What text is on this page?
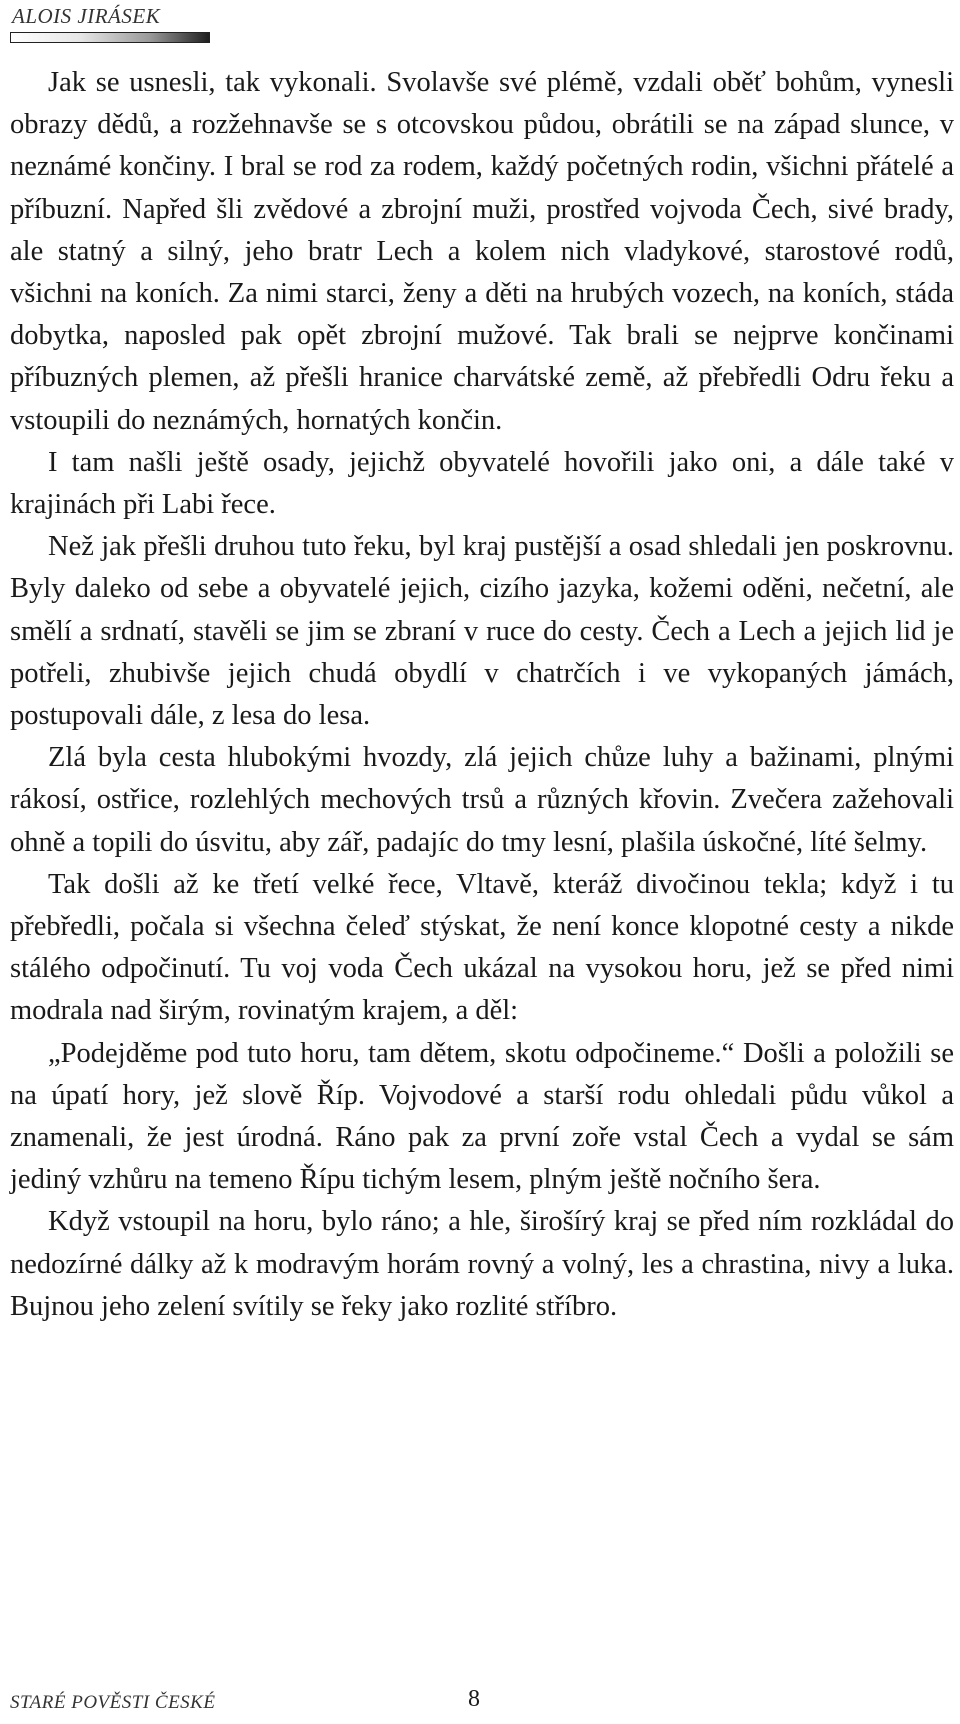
ALOIS JIRÁSEK

Jak se usnesli, tak vykonali. Svolavše své plémě, vzdali oběť bohům, vynesli obrazy dědů, a rozžehnavše se s otcovskou půdou, obrátili se na západ slunce, v neznámé končiny. I bral se rod za rodem, každý početných rodin, všichni přátelé a příbuzní. Napřed šli zvědové a zbrojní muži, prostřed vojvoda Čech, sivé brady, ale statný a silný, jeho bratr Lech a kolem nich vladykové, starostové rodů, všichni na koních. Za nimi starci, ženy a děti na hrubých vozech, na koních, stáda dobytka, naposled pak opět zbrojní mužové. Tak brali se nejprve končinami příbuzných plemen, až přešli hranice charvátské země, až přebředli Odru řeku a vstoupili do neznámých, hornatých končin.

I tam našli ještě osady, jejichž obyvatelé hovořili jako oni, a dále také v krajinách při Labi řece.

Než jak přešli druhou tuto řeku, byl kraj pustější a osad shledali jen poskrovnu. Byly daleko od sebe a obyvatelé jejich, cizího jazyka, kožemi oděni, nečetní, ale smělí a srdnatí, stavěli se jim se zbraní v ruce do cesty. Čech a Lech a jejich lid je potřeli, zhubivše jejich chudá obydlí v chatrčích i ve vykopaných jámách, postupovali dále, z lesa do lesa.

Zlá byla cesta hlubokými hvozdy, zlá jejich chůze luhy a bažinami, plnými rákosí, ostřice, rozlehlých mechových trsů a různých křovin. Zvečera zažehovali ohně a topili do úsvitu, aby zář, padajíc do tmy lesní, plašila úskočné, líté šelmy.

Tak došli až ke třetí velké řece, Vltavě, kteráž divočinou tekla; když i tu přebředli, počala si všechna čeleď stýskat, že není konce klopotné cesty a nikde stálého odpočinutí. Tu voj voda Čech ukázal na vysokou horu, jež se před nimi modrala nad širým, rovinatým krajem, a děl:

„Podejděme pod tuto horu, tam dětem, skotu odpočineme.“ Došli a položili se na úpatí hory, jež slově Říp. Vojvodové a starší rodu ohledali půdu vůkol a znamenali, že jest úrodná. Ráno pak za první zoře vstal Čech a vydal se sám jediný vzhůru na temeno Řípu tichým lesem, plným ještě nočního šera.

Když vstoupil na horu, bylo ráno; a hle, širošírý kraj se před ním rozkládal do nedozírné dálky až k modravým horám rovný a volný, les a chrastina, nivy a luka. Bujnou jeho zelení svítily se řeky jako rozlité stříbro.

STARÉ POVĚSTI ČESKÉ	8
